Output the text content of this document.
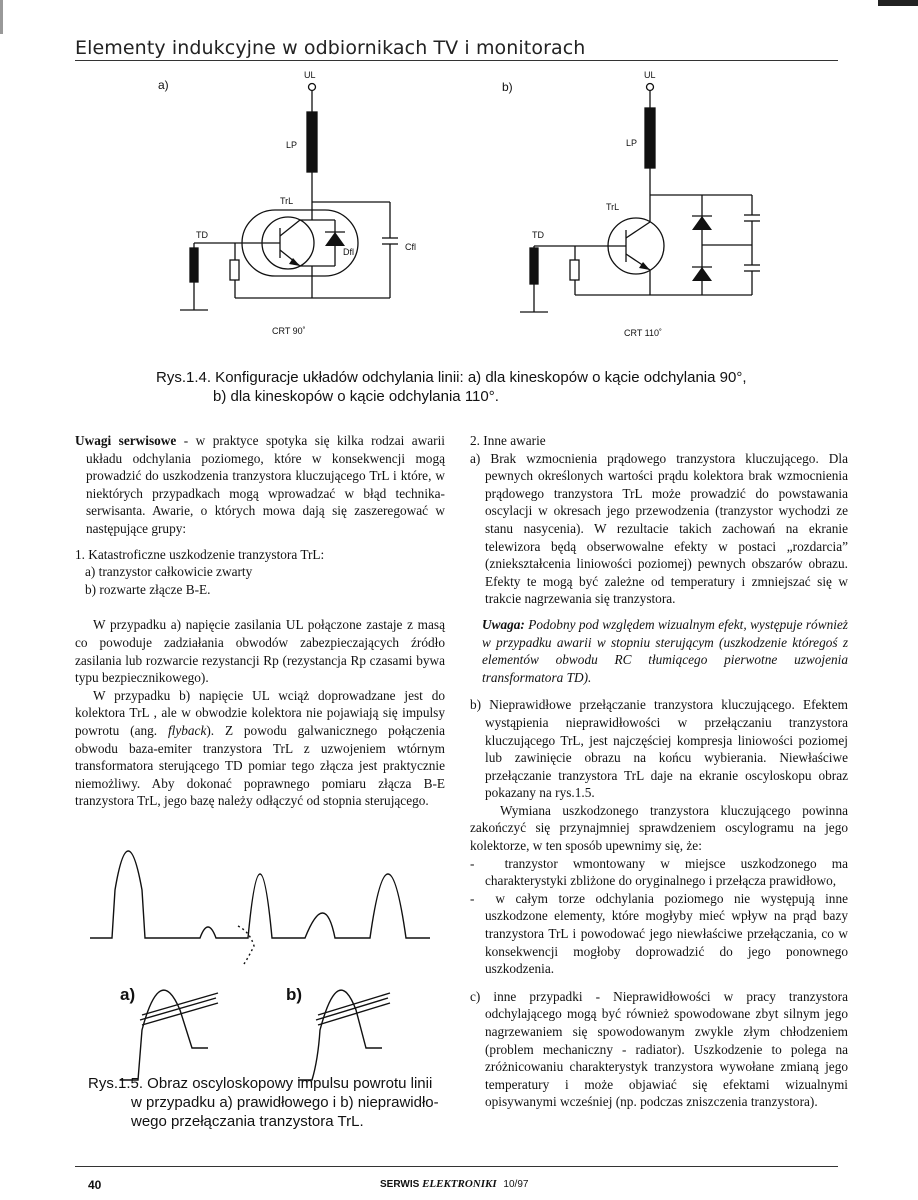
Elementy indukcyjne w odbiornikach TV i monitorach
a)
UL
LP
TrL
TD
Dfl	Cfl
CRT 90˚
b)
UL
LP
TrL
TD
CRT 110˚
Rys.1.4. Konfiguracje układów odchylania linii: a) dla kineskopów o kącie odchylania 90°,
b) dla kineskopów o kącie odchylania 110°.

Uwagi serwisowe - w praktyce spotyka się kilka rodzai awarii układu odchylania poziomego, które w konsekwencji mogą prowadzić do uszkodzenia tranzystora kluczującego TrL i które, w niektórych przypadkach mogą wprowadzać w błąd technika-serwisanta. Awarie, o których mowa dają się zaszeregować w następujące grupy:

1. Katastroficzne uszkodzenie tranzystora TrL:

a) tranzystor całkowicie zwarty

b) rozwarte złącze B-E.

W przypadku a) napięcie zasilania UL połączone zastaje z masą co powoduje zadziałania obwodów zabezpieczających źródło zasilania lub rozwarcie rezystancji Rp (rezystancja Rp czasami bywa typu bezpiecznikowego).

W przypadku b) napięcie UL wciąż doprowadzane jest do kolektora TrL , ale w obwodzie kolektora nie pojawiają się impulsy powrotu (ang. flyback). Z powodu galwanicznego połączenia obwodu baza-emiter tranzystora TrL z uzwojeniem wtórnym transformatora sterującego TD pomiar tego złącza jest praktycznie niemożliwy. Aby dokonać poprawnego pomiaru złącza B-E tranzystora TrL, jego bazę należy odłączyć od stopnia sterującego.

a)	b)
Rys.1.5. Obraz oscyloskopowy impulsu powrotu linii
w przypadku a) prawidłowego i b) nieprawidło-
wego przełączania tranzystora TrL.

2. Inne awarie

a) Brak wzmocnienia prądowego tranzystora kluczującego. Dla pewnych określonych wartości prądu kolektora brak wzmocnienia prądowego tranzystora TrL może prowadzić do powstawania oscylacji w okresach jego przewodzenia (tranzystor wychodzi ze stanu nasycenia). W rezultacie takich zachowań na ekranie telewizora będą obserwowalne efekty w postaci „rozdarcia” (zniekształcenia liniowości poziomej) pewnych obszarów obrazu. Efekty te mogą być zależne od temperatury i zmniejszać się w trakcie nagrzewania się tranzystora.

Uwaga: Podobny pod względem wizualnym efekt, występuje również w przypadku awarii w stopniu sterującym (uszkodzenie któregoś z elementów obwodu RC tłumiącego pierwotne uzwojenia transformatora TD).

b) Nieprawidłowe przełączanie tranzystora kluczującego. Efektem wystąpienia nieprawidłowości w przełączaniu tranzystora kluczującego TrL, jest najczęściej kompresja liniowości poziomej lub zawinięcie obrazu na końcu wybierania. Niewłaściwe przełączanie tranzystora TrL daje na ekranie oscyloskopu obraz pokazany na rys.1.5.

Wymiana uszkodzonego tranzystora kluczującego powinna zakończyć się przynajmniej sprawdzeniem oscylogramu na jego kolektorze, w ten sposób upewnimy się, że:

-  tranzystor wmontowany w miejsce uszkodzonego ma charakterystyki zbliżone do oryginalnego i przełącza prawidłowo,

-  w całym torze odchylania poziomego nie występują inne uszkodzone elementy, które mogłyby mieć wpływ na prąd bazy tranzystora TrL i powodować jego niewłaściwe przełączania, co w konsekwencji mogłoby doprowadzić do jego ponownego uszkodzenia.

c) inne przypadki - Nieprawidłowości w pracy tranzystora odchylającego mogą być również spowodowane zbyt silnym jego nagrzewaniem się spowodowanym zwykle złym chłodzeniem (problem mechaniczny - radiator). Uszkodzenie to polega na zróżnicowaniu charakterystyk tranzystora wywołane zmianą jego temperatury i może objawiać się efektami wizualnymi opisywanymi wcześniej (np. podczas zniszczenia tranzystora).

40	SERWIS ELEKTRONIKI 10/97
